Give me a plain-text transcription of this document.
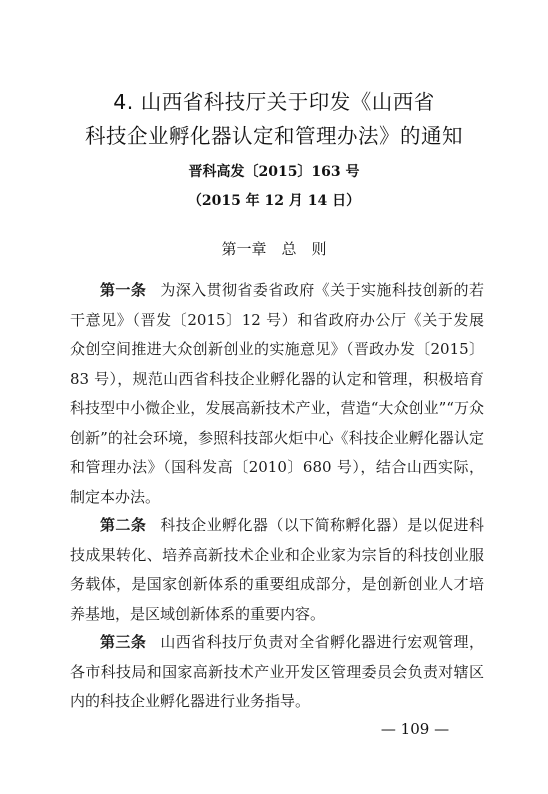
4. 山西省科技厅关于印发《山西省
科技企业孵化器认定和管理办法》的通知
晋科高发〔2015〕163 号
（2015 年 12 月 14 日）
第一章　总　则

第一条 为深入贯彻省委省政府《关于实施科技创新的若干意见》（晋发〔2015〕12 号）和省政府办公厅《关于发展众创空间推进大众创新创业的实施意见》（晋政办发〔2015〕83 号），规范山西省科技企业孵化器的认定和管理，积极培育科技型中小微企业，发展高新技术产业，营造“大众创业”“万众创新”的社会环境，参照科技部火炬中心《科技企业孵化器认定和管理办法》（国科发高〔2010〕680 号），结合山西实际，制定本办法。

第二条 科技企业孵化器（以下简称孵化器）是以促进科技成果转化、培养高新技术企业和企业家为宗旨的科技创业服务载体，是国家创新体系的重要组成部分，是创新创业人才培养基地，是区域创新体系的重要内容。

第三条 山西省科技厅负责对全省孵化器进行宏观管理，各市科技局和国家高新技术产业开发区管理委员会负责对辖区内的科技企业孵化器进行业务指导。

— 109 —
